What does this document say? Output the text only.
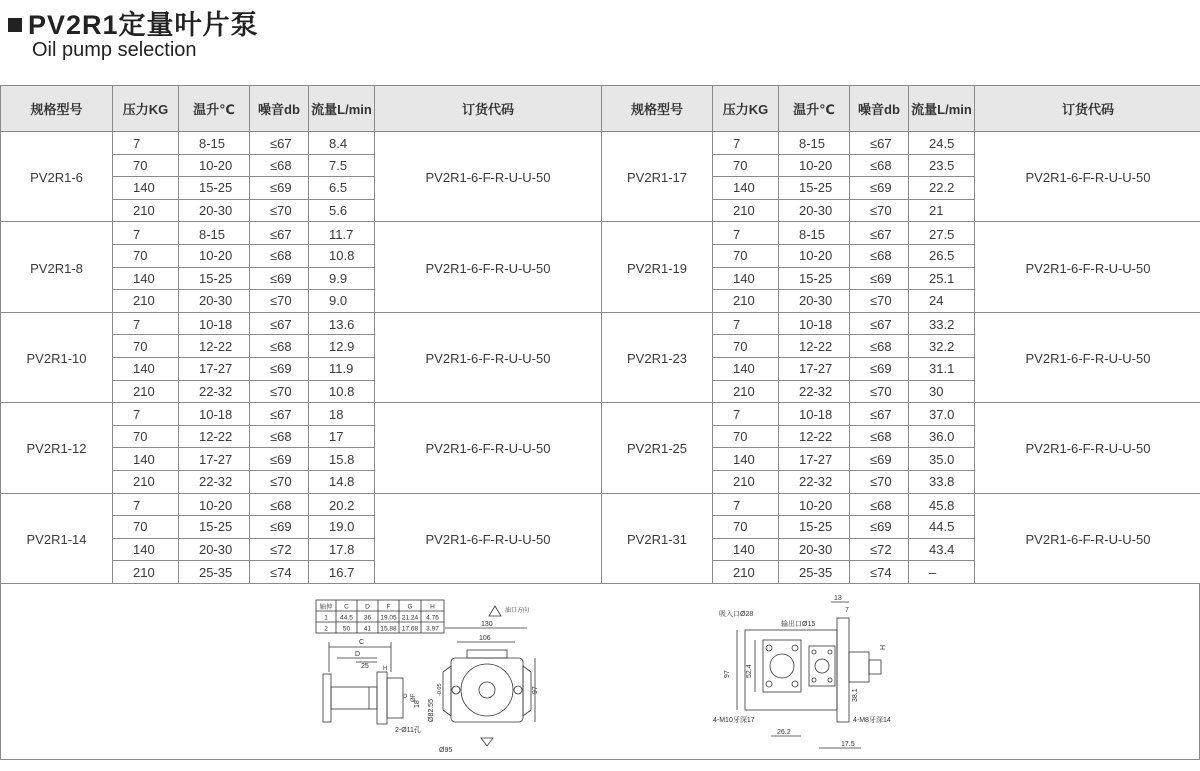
PV2R1定量叶片泵
Oil pump selection
规格型号	压力KG	温升℃	噪音db	流量L/min	订货代码	规格型号	压力KG	温升℃	噪音db	流量L/min	订货代码
PV2R1-6	7	8-15	≤67	8.4	PV2R1-6-F-R-U-U-50	PV2R1-17	7	8-15	≤67	24.5	PV2R1-6-F-R-U-U-50
	70	10-20	≤68	7.5			70	10-20	≤68	23.5	
	140	15-25	≤69	6.5			140	15-25	≤69	22.2	
	210	20-30	≤70	5.6			210	20-30	≤70	21	
PV2R1-8	7	8-15	≤67	11.7	PV2R1-6-F-R-U-U-50	PV2R1-19	7	8-15	≤67	27.5	PV2R1-6-F-R-U-U-50
	70	10-20	≤68	10.8			70	10-20	≤68	26.5	
	140	15-25	≤69	9.9			140	15-25	≤69	25.1	
	210	20-30	≤70	9.0			210	20-30	≤70	24	
PV2R1-10	7	10-18	≤67	13.6	PV2R1-6-F-R-U-U-50	PV2R1-23	7	10-18	≤67	33.2	PV2R1-6-F-R-U-U-50
	70	12-22	≤68	12.9			70	12-22	≤68	32.2	
	140	17-27	≤69	11.9			140	17-27	≤69	31.1	
	210	22-32	≤70	10.8			210	22-32	≤70	30	
PV2R1-12	7	10-18	≤67	18	PV2R1-6-F-R-U-U-50	PV2R1-25	7	10-18	≤67	37.0	PV2R1-6-F-R-U-U-50
	70	12-22	≤68	17			70	12-22	≤68	36.0	
	140	17-27	≤69	15.8			140	17-27	≤69	35.0	
	210	22-32	≤70	14.8			210	22-32	≤70	33.8	
PV2R1-14	7	10-20	≤68	20.2	PV2R1-6-F-R-U-U-50	PV2R1-31	7	10-20	≤68	45.8	PV2R1-6-F-R-U-U-50
	70	15-25	≤69	19.0			70	15-25	≤69	44.5	
	140	20-30	≤72	17.8			140	20-30	≤72	43.4	
	210	25-35	≤74	16.7			210	25-35	≤74	–	
轴伸 C	D	F	G	H
1 44.5 36 19.05 21.24 4.76
2 50 41 15.88 17.68 3.97
油口方向
C
D
25 H
G ØF
Ø82.55
-0.05
18
2-Ø11孔
130
106
97
Ø95
13
7
吸入口Ø28
输出口Ø15
97 52.4
38.1
H
4-M10牙深17	4-M8牙深14
26.2
17.5
